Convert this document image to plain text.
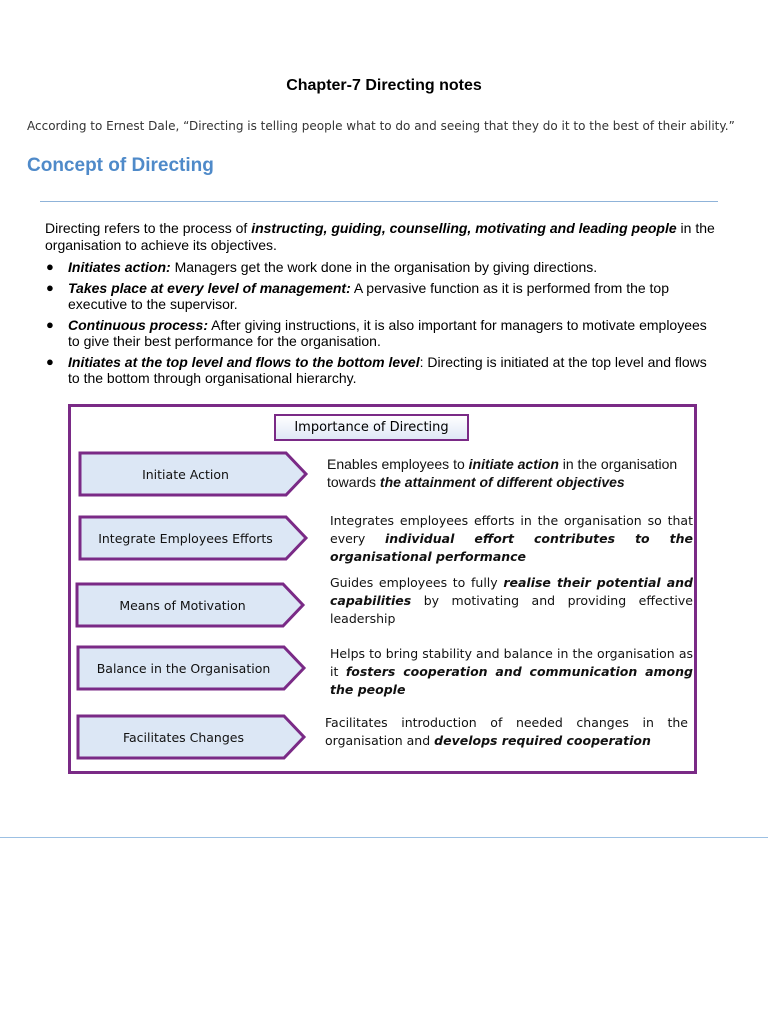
Chapter-7 Directing notes
According to Ernest Dale, “Directing is telling people what to do and seeing that they do it to the best of their ability.”
Concept of Directing
Directing refers to the process of instructing, guiding, counselling, motivating and leading people in the organisation to achieve its objectives.
● Initiates action: Managers get the work done in the organisation by giving directions.
● Takes place at every level of management: A pervasive function as it is performed from the top executive to the supervisor.
● Continuous process: After giving instructions, it is also important for managers to motivate employees to give their best performance for the organisation.
● Initiates at the top level and flows to the bottom level: Directing is initiated at the top level and flows to the bottom through organisational hierarchy.
Importance of Directing
Initiate Action
Integrate Employees Efforts
Means of Motivation
Balance in the Organisation
Facilitates Changes
Enables employees to initiate action in the organisation towards the attainment of different objectives
Integrates employees efforts in the organisation so that every individual effort contributes to the organisational performance
Guides employees to fully realise their potential and capabilities by motivating and providing effective leadership
Helps to bring stability and balance in the organisation as it fosters cooperation and communication among the people
Facilitates introduction of needed changes in the organisation and develops required cooperation
